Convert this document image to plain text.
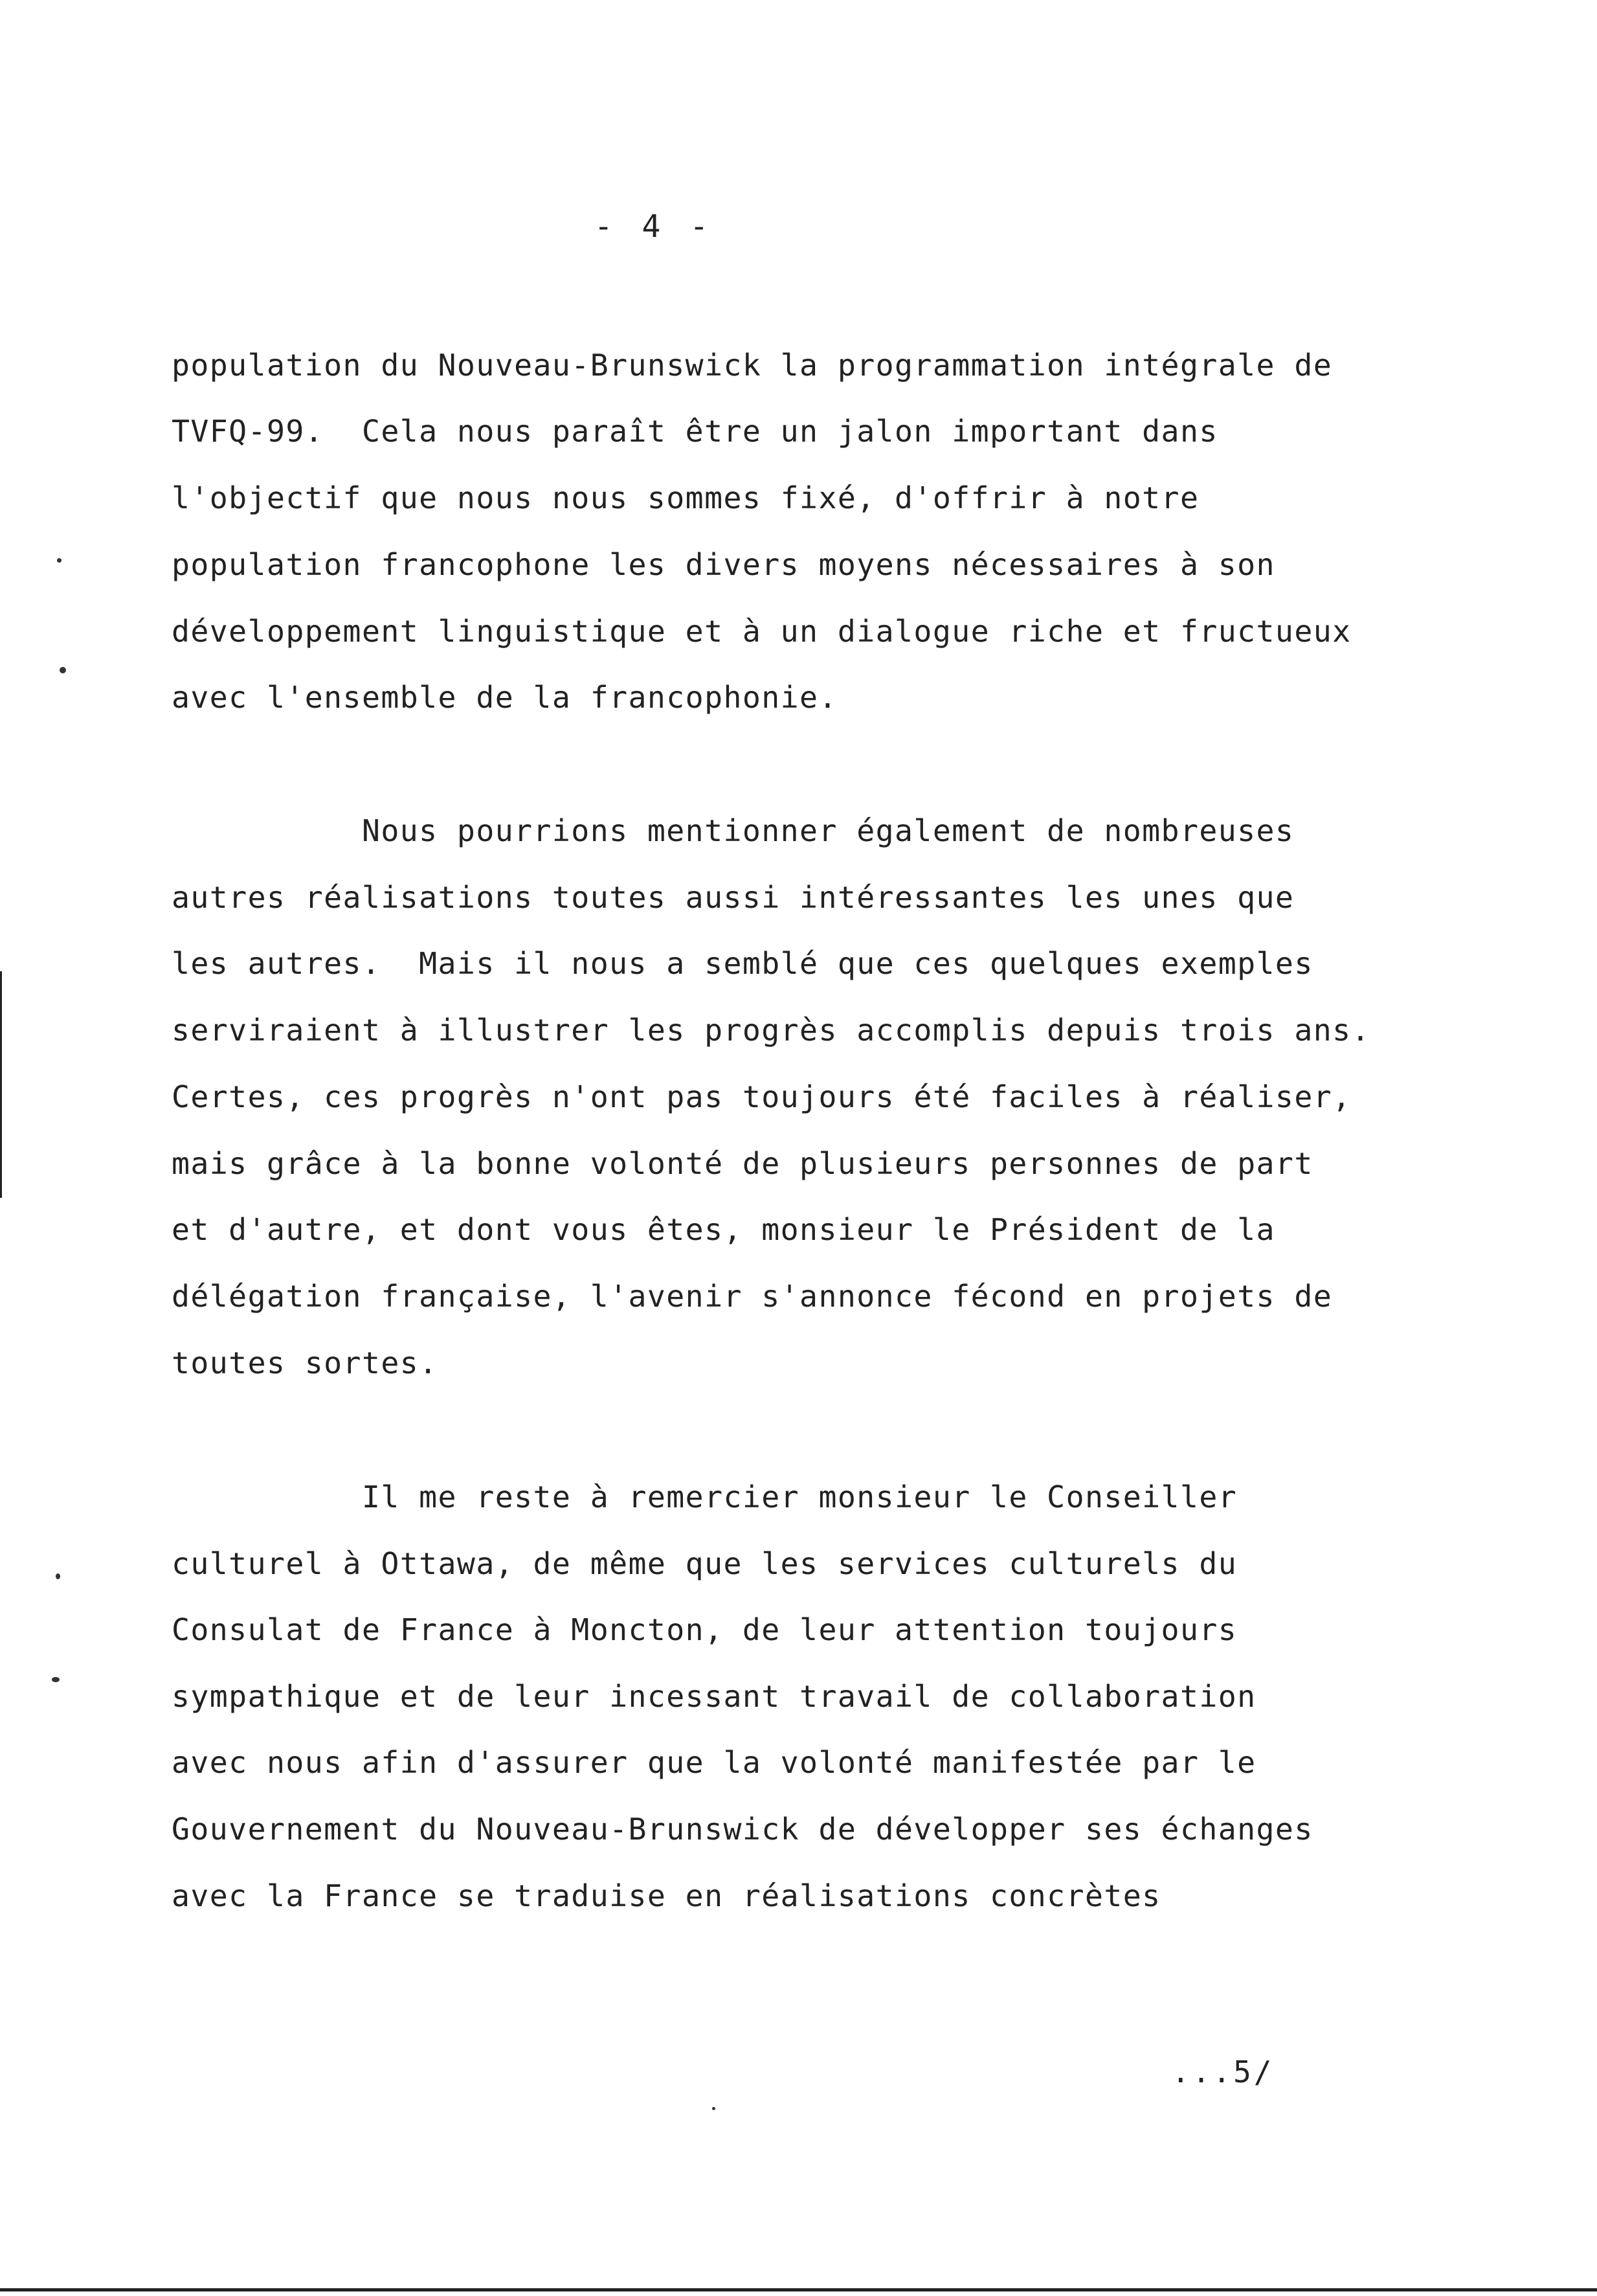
- 4 -
population du Nouveau-Brunswick la programmation intégrale de
TVFQ-99.  Cela nous paraît être un jalon important dans
l'objectif que nous nous sommes fixé, d'offrir à notre
population francophone les divers moyens nécessaires à son
développement linguistique et à un dialogue riche et fructueux
avec l'ensemble de la francophonie.
Nous pourrions mentionner également de nombreuses
autres réalisations toutes aussi intéressantes les unes que
les autres.  Mais il nous a semblé que ces quelques exemples
serviraient à illustrer les progrès accomplis depuis trois ans.
Certes, ces progrès n'ont pas toujours été faciles à réaliser,
mais grâce à la bonne volonté de plusieurs personnes de part
et d'autre, et dont vous êtes, monsieur le Président de la
délégation française, l'avenir s'annonce fécond en projets de
toutes sortes.
Il me reste à remercier monsieur le Conseiller
culturel à Ottawa, de même que les services culturels du
Consulat de France à Moncton, de leur attention toujours
sympathique et de leur incessant travail de collaboration
avec nous afin d'assurer que la volonté manifestée par le
Gouvernement du Nouveau-Brunswick de développer ses échanges
avec la France se traduise en réalisations concrètes
...5/
